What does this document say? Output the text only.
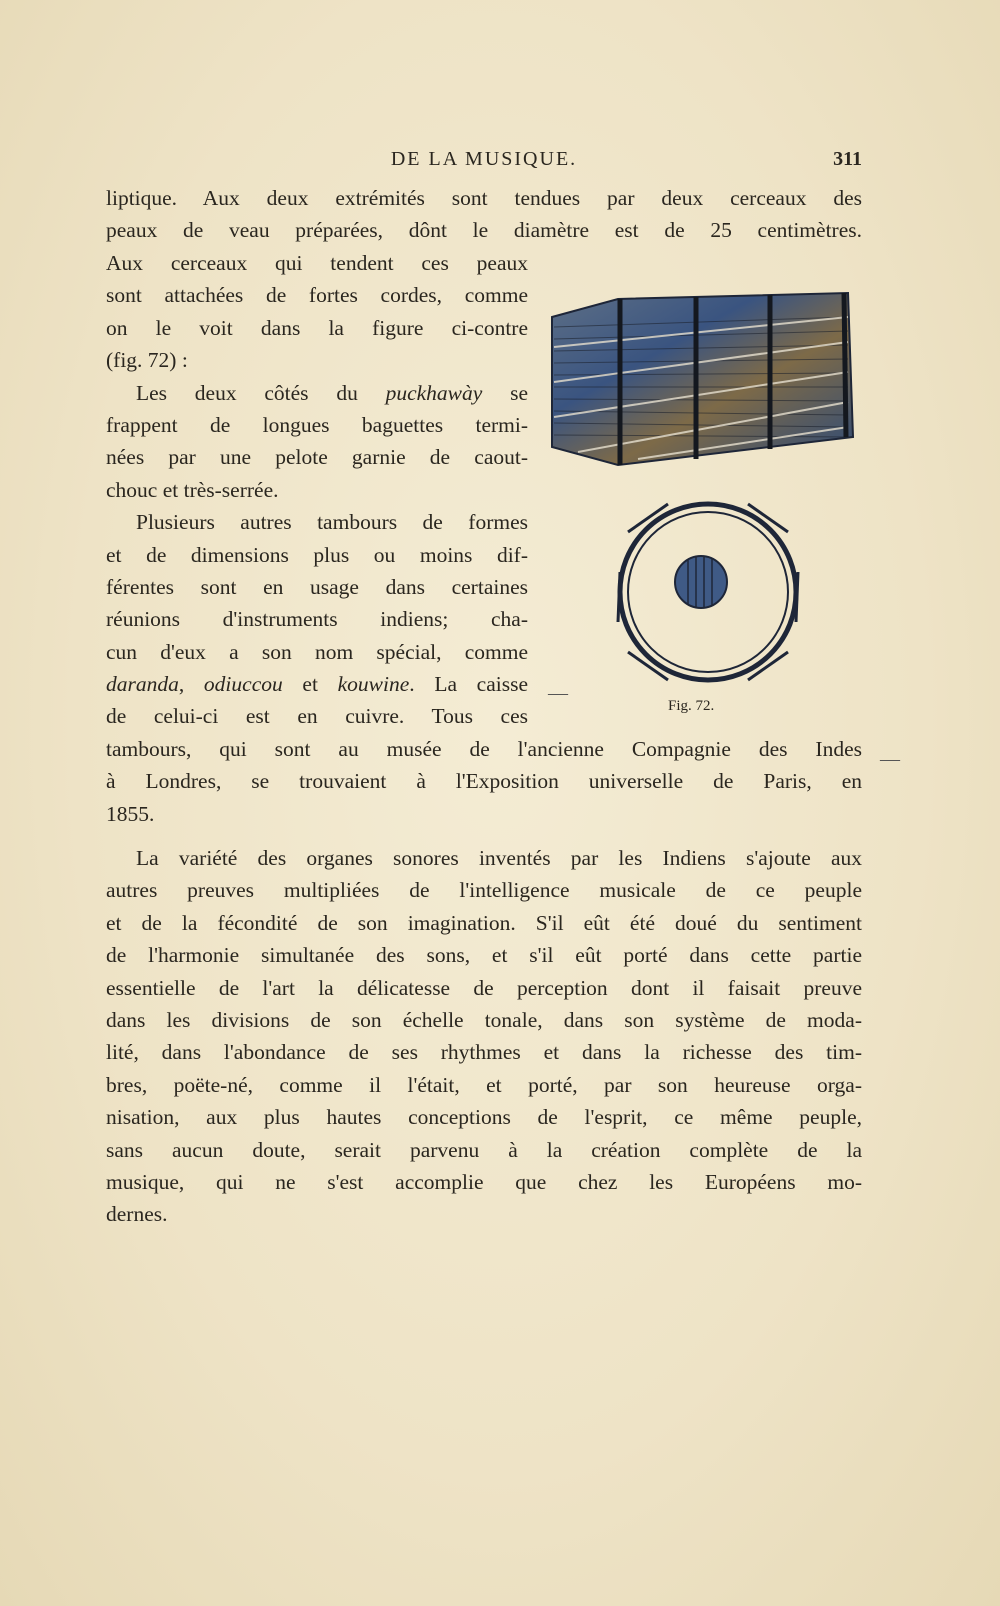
DE LA MUSIQUE.	311
liptique. Aux deux extrémités sont tendues par deux cerceaux des
peaux de veau préparées, dônt le diamètre est de 25 centimètres.
Aux cerceaux qui tendent ces peaux
sont attachées de fortes cordes, comme
on le voit dans la figure ci-contre
(fig. 72) :
Les deux côtés du puckhawày se
frappent de longues baguettes termi-
nées par une pelote garnie de caout-
chouc et très-serrée.
Plusieurs autres tambours de formes
et de dimensions plus ou moins dif-
férentes sont en usage dans certaines
réunions d'instruments indiens; cha-
cun d'eux a son nom spécial, comme
daranda, odiuccou et kouwine. La caisse
de celui-ci est en cuivre. Tous ces
tambours, qui sont au musée de l'ancienne Compagnie des Indes
à Londres, se trouvaient à l'Exposition universelle de Paris, en
1855.
La variété des organes sonores inventés par les Indiens s'ajoute aux
autres preuves multipliées de l'intelligence musicale de ce peuple
et de la fécondité de son imagination. S'il eût été doué du sentiment
de l'harmonie simultanée des sons, et s'il eût porté dans cette partie
essentielle de l'art la délicatesse de perception dont il faisait preuve
dans les divisions de son échelle tonale, dans son système de moda-
lité, dans l'abondance de ses rhythmes et dans la richesse des tim-
bres, poëte-né, comme il l'était, et porté, par son heureuse orga-
nisation, aux plus hautes conceptions de l'esprit, ce même peuple,
sans aucun doute, serait parvenu à la création complète de la
musique, qui ne s'est accomplie que chez les Européens mo-
dernes.
Fig. 72.
—
—
